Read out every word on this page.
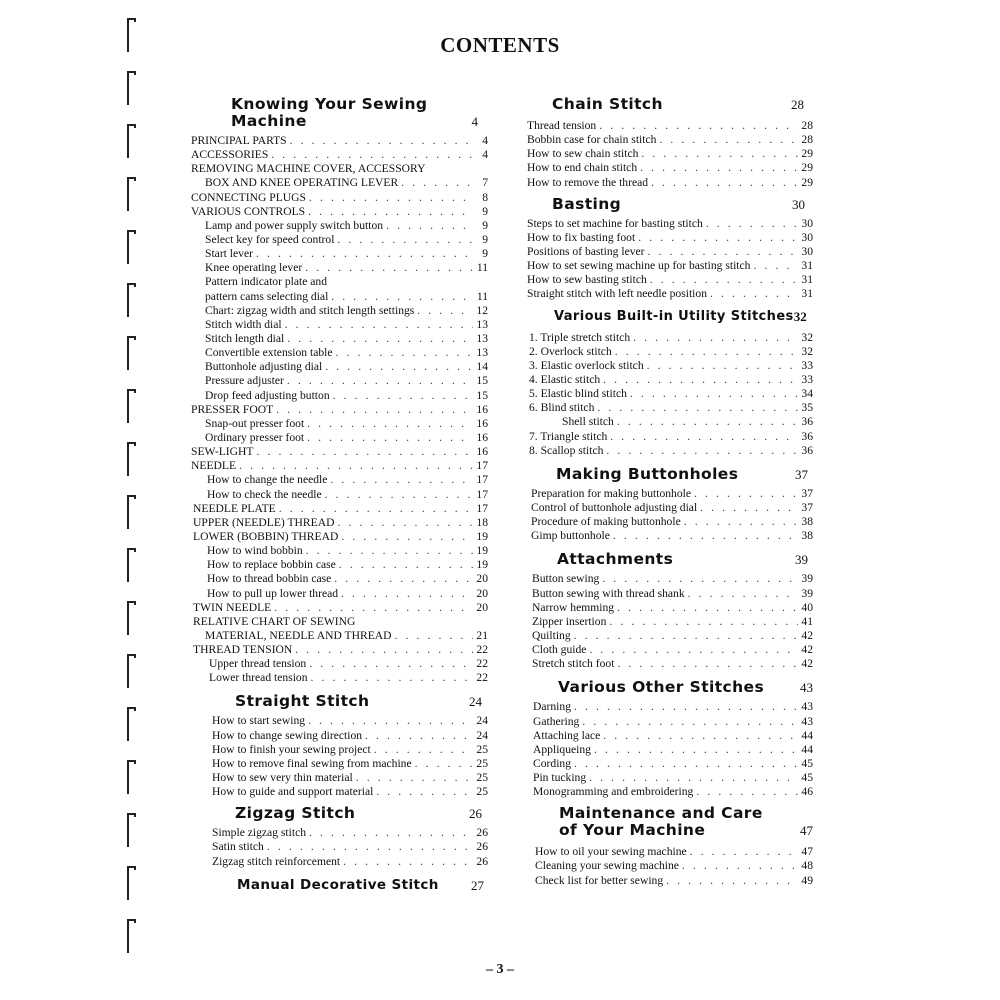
CONTENTS
Knowing Your Sewing
Machine	4
PRINCIPAL PARTS . . .	4
ACCESSORIES . . .	4
REMOVING MACHINE COVER, ACCESSORY
BOX AND KNEE OPERATING LEVER . . .	7
CONNECTING PLUGS . . .	8
VARIOUS CONTROLS . . .	9
Lamp and power supply switch button . . .	9
Select key for speed control . . .	9
Start lever . . .	9
Knee operating lever . . .	11
Pattern indicator plate and
pattern cams selecting dial . . .	11
Chart: zigzag width and stitch length settings . . .	12
Stitch width dial . . .	13
Stitch length dial . . .	13
Convertible extension table . . .	13
Buttonhole adjusting dial . . .	14
Pressure adjuster . . .	15
Drop feed adjusting button . . .	15
PRESSER FOOT . . .	16
Snap-out presser foot . . .	16
Ordinary presser foot . . .	16
SEW-LIGHT . . .	16
NEEDLE . . .	17
How to change the needle . . .	17
How to check the needle . . .	17
NEEDLE PLATE . . .	17
UPPER (NEEDLE) THREAD . . .	18
LOWER (BOBBIN) THREAD . . .	19
How to wind bobbin . . .	19
How to replace bobbin case . . .	19
How to thread bobbin case . . .	20
How to pull up lower thread . . .	20
TWIN NEEDLE . . .	20
RELATIVE CHART OF SEWING
MATERIAL, NEEDLE AND THREAD . . .	21
THREAD TENSION . . .	22
Upper thread tension . . .	22
Lower thread tension . . .	22
Straight Stitch	24
How to start sewing . . .	24
How to change sewing direction . . .	24
How to finish your sewing project . . .	25
How to remove final sewing from machine . . .	25
How to sew very thin material . . .	25
How to guide and support material . . .	25
Zigzag Stitch	26
Simple zigzag stitch . . .	26
Satin stitch . . .	26
Zigzag stitch reinforcement . . .	26
Manual Decorative Stitch 27
Chain Stitch	28
Thread tension . . .	28
Bobbin case for chain stitch . . .	28
How to sew chain stitch . . .	29
How to end chain stitch . . .	29
How to remove the thread . . .	29
Basting	30
Steps to set machine for basting stitch . . .	30
How to fix basting foot . . .	30
Positions of basting lever . . .	30
How to set sewing machine up for basting stitch . . .	31
How to sew basting stitch . . .	31
Straight stitch with left needle position . . .	31
Various Built-in Utility Stitches 32
1. Triple stretch stitch . . .	32
2. Overlock stitch . . .	32
3. Elastic overlock stitch . . .	33
4. Elastic stitch . . .	33
5. Elastic blind stitch . . .	34
6. Blind stitch . . .	35
Shell stitch . . .	36
7. Triangle stitch . . .	36
8. Scallop stitch . . .	36
Making Buttonholes	37
Preparation for making buttonhole . . .	37
Control of buttonhole adjusting dial . . .	37
Procedure of making buttonhole . . .	38
Gimp buttonhole . . .	38
Attachments	39
Button sewing . . .	39
Button sewing with thread shank . . .	39
Narrow hemming . . .	40
Zipper insertion . . .	41
Quilting . . .	42
Cloth guide . . .	42
Stretch stitch foot . . .	42
Various Other Stitches	43
Darning . . .	43
Gathering . . .	43
Attaching lace . . .	44
Appliqueing . . .	44
Cording . . .	45
Pin tucking . . .	45
Monogramming and embroidering . . .	46
Maintenance and Care
of Your Machine	47
How to oil your sewing machine . . .	47
Cleaning your sewing machine . . .	48
Check list for better sewing . . .	49
– 3 –
